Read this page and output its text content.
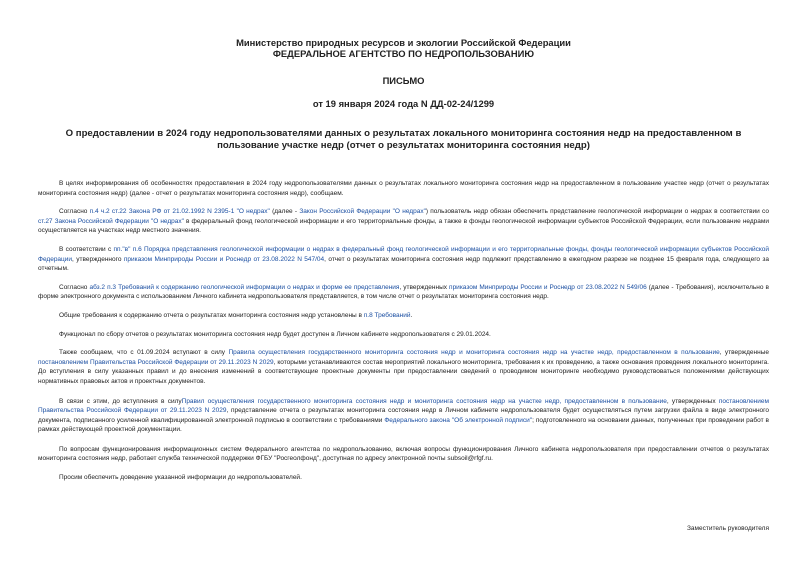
Министерство природных ресурсов и экологии Российской Федерации
ФЕДЕРАЛЬНОЕ АГЕНТСТВО ПО НЕДРОПОЛЬЗОВАНИЮ
ПИСЬМО
от 19 января 2024 года N ДД-02-24/1299
О предоставлении в 2024 году недропользователями данных о результатах локального мониторинга состояния недр на предоставленном в пользование участке недр (отчет о результатах мониторинга состояния недр)

В целях информирования об особенностях предоставления в 2024 году недропользователями данных о результатах локального мониторинга состояния недр на предоставленном в пользование участке недр (отчет о результатах мониторинга состояния недр) (далее - отчет о результатах мониторинга состояния недр), сообщаем.

Согласно п.4 ч.2 ст.22 Закона РФ от 21.02.1992 N 2395-1 "О недрах" (далее - Закон Российской Федерации "О недрах") пользователь недр обязан обеспечить представление геологической информации о недрах в соответствии со ст.27 Закона Российской Федерации "О недрах" в федеральный фонд геологической информации и его территориальные фонды, а также в фонды геологической информации субъектов Российской Федерации, если пользование недрами осуществляется на участках недр местного значения.

В соответствии с пп."в" п.6 Порядка представления геологической информации о недрах в федеральный фонд геологической информации и его территориальные фонды, фонды геологической информации субъектов Российской Федерации, утвержденного приказом Минприроды России и Роснедр от 23.08.2022 N 547/04, отчет о результатах мониторинга состояния недр подлежит представлению в ежегодном разрезе не позднее 15 февраля года, следующего за отчетным.

Согласно абз.2 п.3 Требований к содержанию геологической информации о недрах и форме ее представления, утвержденных приказом Минприроды России и Роснедр от 23.08.2022 N 549/06 (далее - Требования), исключительно в форме электронного документа с использованием Личного кабинета недропользователя представляется, в том числе отчет о результатах мониторинга состояния недр.

Общие требования к содержанию отчета о результатах мониторинга состояния недр установлены в п.8 Требований.

Функционал по сбору отчетов о результатах мониторинга состояния недр будет доступен в Личном кабинете недропользователя с 29.01.2024.

Также сообщаем, что с 01.09.2024 вступают в силу Правила осуществления государственного мониторинга состояния недр и мониторинга состояния недр на участке недр, предоставленном в пользование, утвержденные постановлением Правительства Российской Федерации от 29.11.2023 N 2029, которыми устанавливаются состав мероприятий локального мониторинга, требования к их проведению, а также основания проведения локального мониторинга. До вступления в силу указанных правил и до внесения изменений в соответствующие проектные документы при предоставлении сведений о проводимом мониторинге необходимо руководствоваться положениями действующих нормативных правовых актов и проектных документов.

В связи с этим, до вступления в силуПравил осуществления государственного мониторинга состояния недр и мониторинга состояния недр на участке недр, предоставленном в пользование, утвержденных постановлением Правительства Российской Федерации от 29.11.2023 N 2029, представление отчета о результатах мониторинга состояния недр в Личном кабинете недропользователя будет осуществляться путем загрузки файла в виде электронного документа, подписанного усиленной квалифицированной электронной подписью в соответствии с требованиями Федерального закона "Об электронной подписи"; подготовленного на основании данных, полученных при проведении работ в рамках действующей проектной документации.

По вопросам функционирования информационных систем Федерального агентства по недропользованию, включая вопросы функционирования Личного кабинета недропользователя при предоставлении отчетов о результатах мониторинга состояния недр, работает служба технической поддержки ФГБУ "Росгеолфонд", доступная по адресу электронной почты subsoil@rfgf.ru.

Просим обеспечить доведение указанной информации до недропользователей.

Заместитель руководителя
